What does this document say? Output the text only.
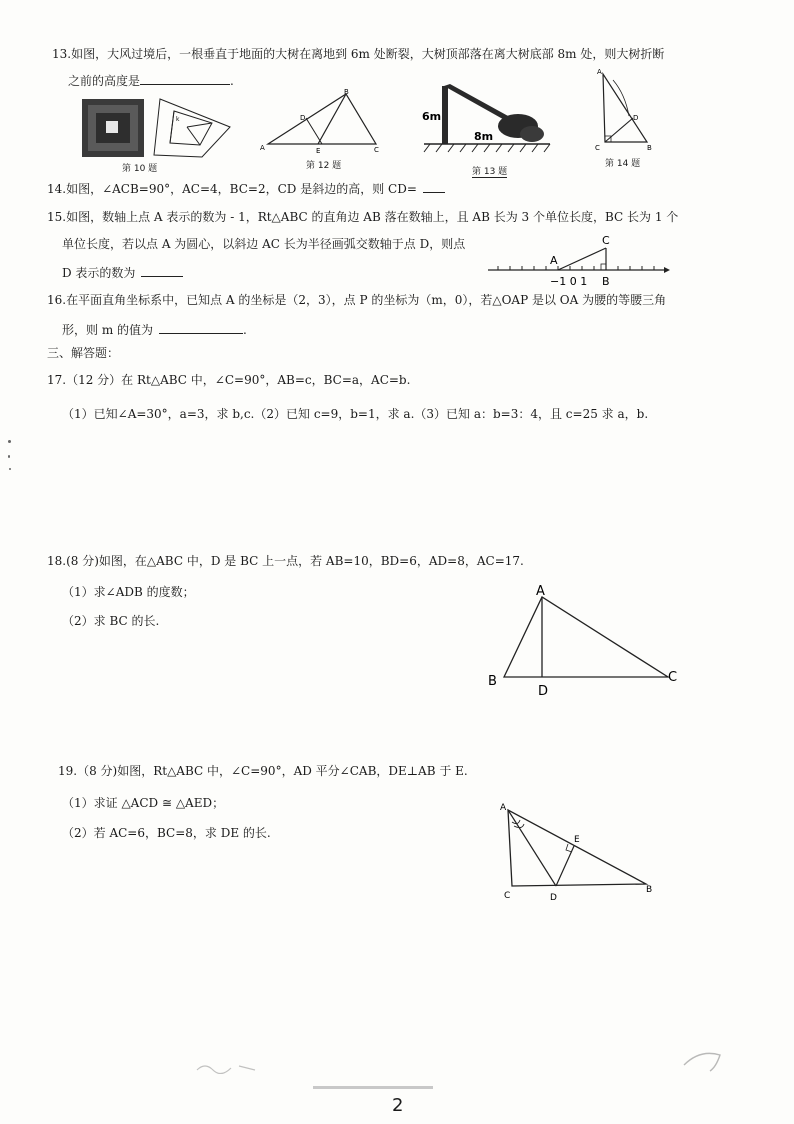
13.如图，大风过境后，一根垂直于地面的大树在离地到 6m 处断裂，大树顶部落在离大树底部 8m 处，则大树折断
之前的高度是	.
k
第 10 题
A
B
C
D
E
第 12 题
6m
8m
第 13 题
A
C	B
D
第 14 题
14.如图，∠ACB=90°，AC=4，BC=2，CD 是斜边的高，则 CD=
15.如图，数轴上点 A 表示的数为 - 1，Rt△ABC 的直角边 AB 落在数轴上，且 AB 长为 3 个单位长度，BC 长为 1 个
单位长度，若以点 A 为圆心，以斜边 AC 长为半径画弧交数轴于点 D，则点
D 表示的数为
A
C
B
−1 0 1
16.在平面直角坐标系中，已知点 A 的坐标是（2，3），点 P 的坐标为（m，0），若△OAP 是以 OA 为腰的等腰三角
形，则 m 的值为	.
三、解答题：
17.（12 分）在 Rt△ABC 中，∠C=90°，AB=c，BC=a，AC=b.
（1）已知∠A=30°，a=3，求 b,c.（2）已知 c=9，b=1，求 a.（3）已知 a：b=3：4，且 c=25 求 a，b.
18.(8 分)如图，在△ABC 中，D 是 BC 上一点，若 AB=10，BD=6，AD=8，AC=17.
（1）求∠ADB 的度数；
（2）求 BC 的长.
A
B	C
D
19.（8 分)如图，Rt△ABC 中，∠C=90°，AD 平分∠CAB，DE⊥AB 于 E.
（1）求证 △ACD ≅ △AED；
（2）若 AC=6，BC=8，求 DE 的长.
A
C	D
E
B
2
